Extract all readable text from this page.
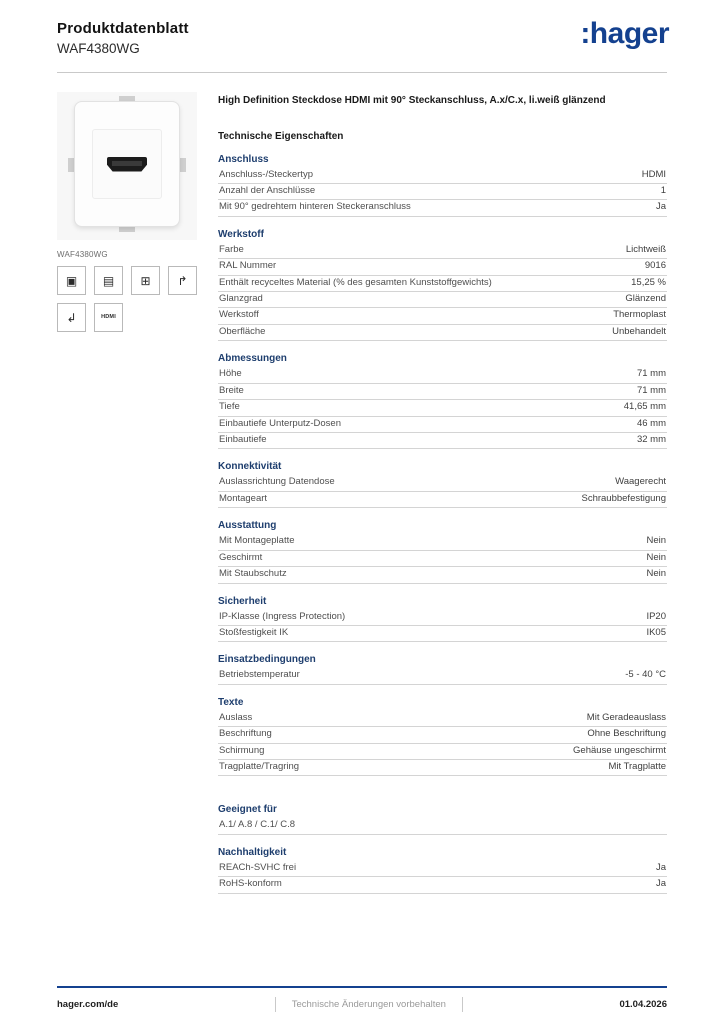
Produktdatenblatt
WAF4380WG	:hager
WAF4380WG
▣ ▤ ⊞ ↱
↲	HDMI
High Definition Steckdose HDMI mit 90° Steckanschluss, A.x/C.x, li.weiß glänzend
Technische Eigenschaften
Anschluss
Anschluss-/Steckertyp	HDMI
Anzahl der Anschlüsse	1
Mit 90° gedrehtem hinteren Steckeranschluss	Ja
Werkstoff
Farbe	Lichtweiß
RAL Nummer	9016
Enthält recyceltes Material (% des gesamten Kunststoffgewichts)	15,25 %
Glanzgrad	Glänzend
Werkstoff	Thermoplast
Oberfläche	Unbehandelt
Abmessungen
Höhe	71 mm
Breite	71 mm
Tiefe	41,65 mm
Einbautiefe Unterputz-Dosen	46 mm
Einbautiefe	32 mm
Konnektivität
Auslassrichtung Datendose	Waagerecht
Montageart	Schraubbefestigung
Ausstattung
Mit Montageplatte	Nein
Geschirmt	Nein
Mit Staubschutz	Nein
Sicherheit
IP-Klasse (Ingress Protection)	IP20
Stoßfestigkeit IK	IK05
Einsatzbedingungen
Betriebstemperatur	-5 - 40 °C
Texte
Auslass	Mit Geradeauslass
Beschriftung	Ohne Beschriftung
Schirmung	Gehäuse ungeschirmt
Tragplatte/Tragring	Mit Tragplatte
Geeignet für
A.1/ A.8 / C.1/ C.8
Nachhaltigkeit
REACh-SVHC frei	Ja
RoHS-konform	Ja
hager.com/de	Technische Änderungen vorbehalten	01.04.2026
